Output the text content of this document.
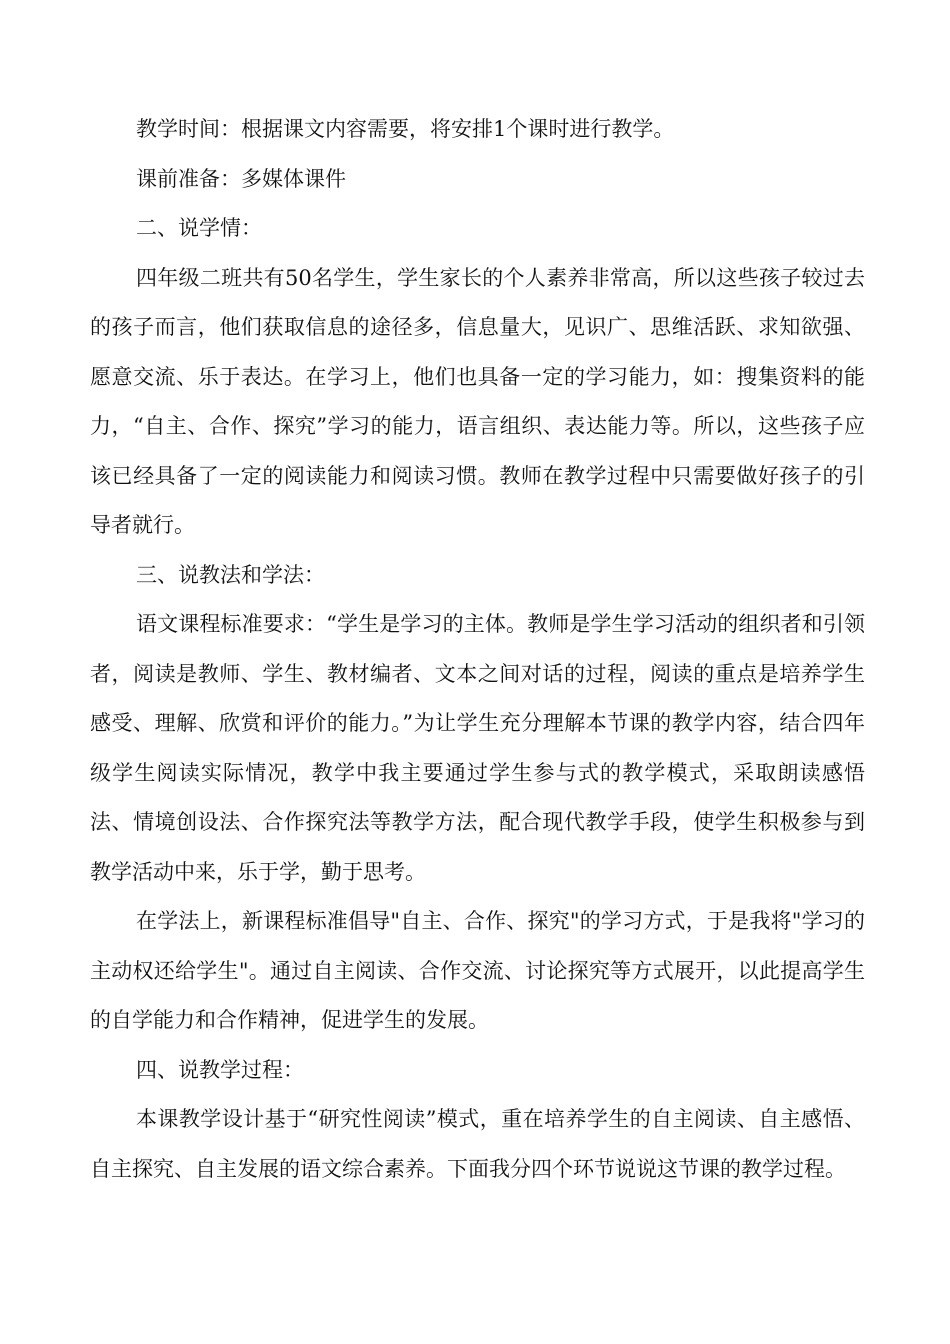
教学时间：根据课文内容需要，将安排1个课时进行教学。

课前准备：多媒体课件

二、说学情：

四年级二班共有50名学生，学生家长的个人素养非常高，所以这些孩子较过去的孩子而言，他们获取信息的途径多，信息量大，见识广、思维活跃、求知欲强、愿意交流、乐于表达。在学习上，他们也具备一定的学习能力，如：搜集资料的能力，“自主、合作、探究”学习的能力，语言组织、表达能力等。所以，这些孩子应该已经具备了一定的阅读能力和阅读习惯。教师在教学过程中只需要做好孩子的引导者就行。

三、说教法和学法：

语文课程标准要求：“学生是学习的主体。教师是学生学习活动的组织者和引领者，阅读是教师、学生、教材编者、文本之间对话的过程，阅读的重点是培养学生感受、理解、欣赏和评价的能力。”为让学生充分理解本节课的教学内容，结合四年级学生阅读实际情况，教学中我主要通过学生参与式的教学模式，采取朗读感悟法、情境创设法、合作探究法等教学方法，配合现代教学手段，使学生积极参与到教学活动中来，乐于学，勤于思考。

在学法上，新课程标准倡导"自主、合作、探究"的学习方式，于是我将"学习的主动权还给学生"。通过自主阅读、合作交流、讨论探究等方式展开，以此提高学生的自学能力和合作精神，促进学生的发展。

四、说教学过程：

本课教学设计基于“研究性阅读”模式，重在培养学生的自主阅读、自主感悟、自主探究、自主发展的语文综合素养。下面我分四个环节说说这节课的教学过程。
